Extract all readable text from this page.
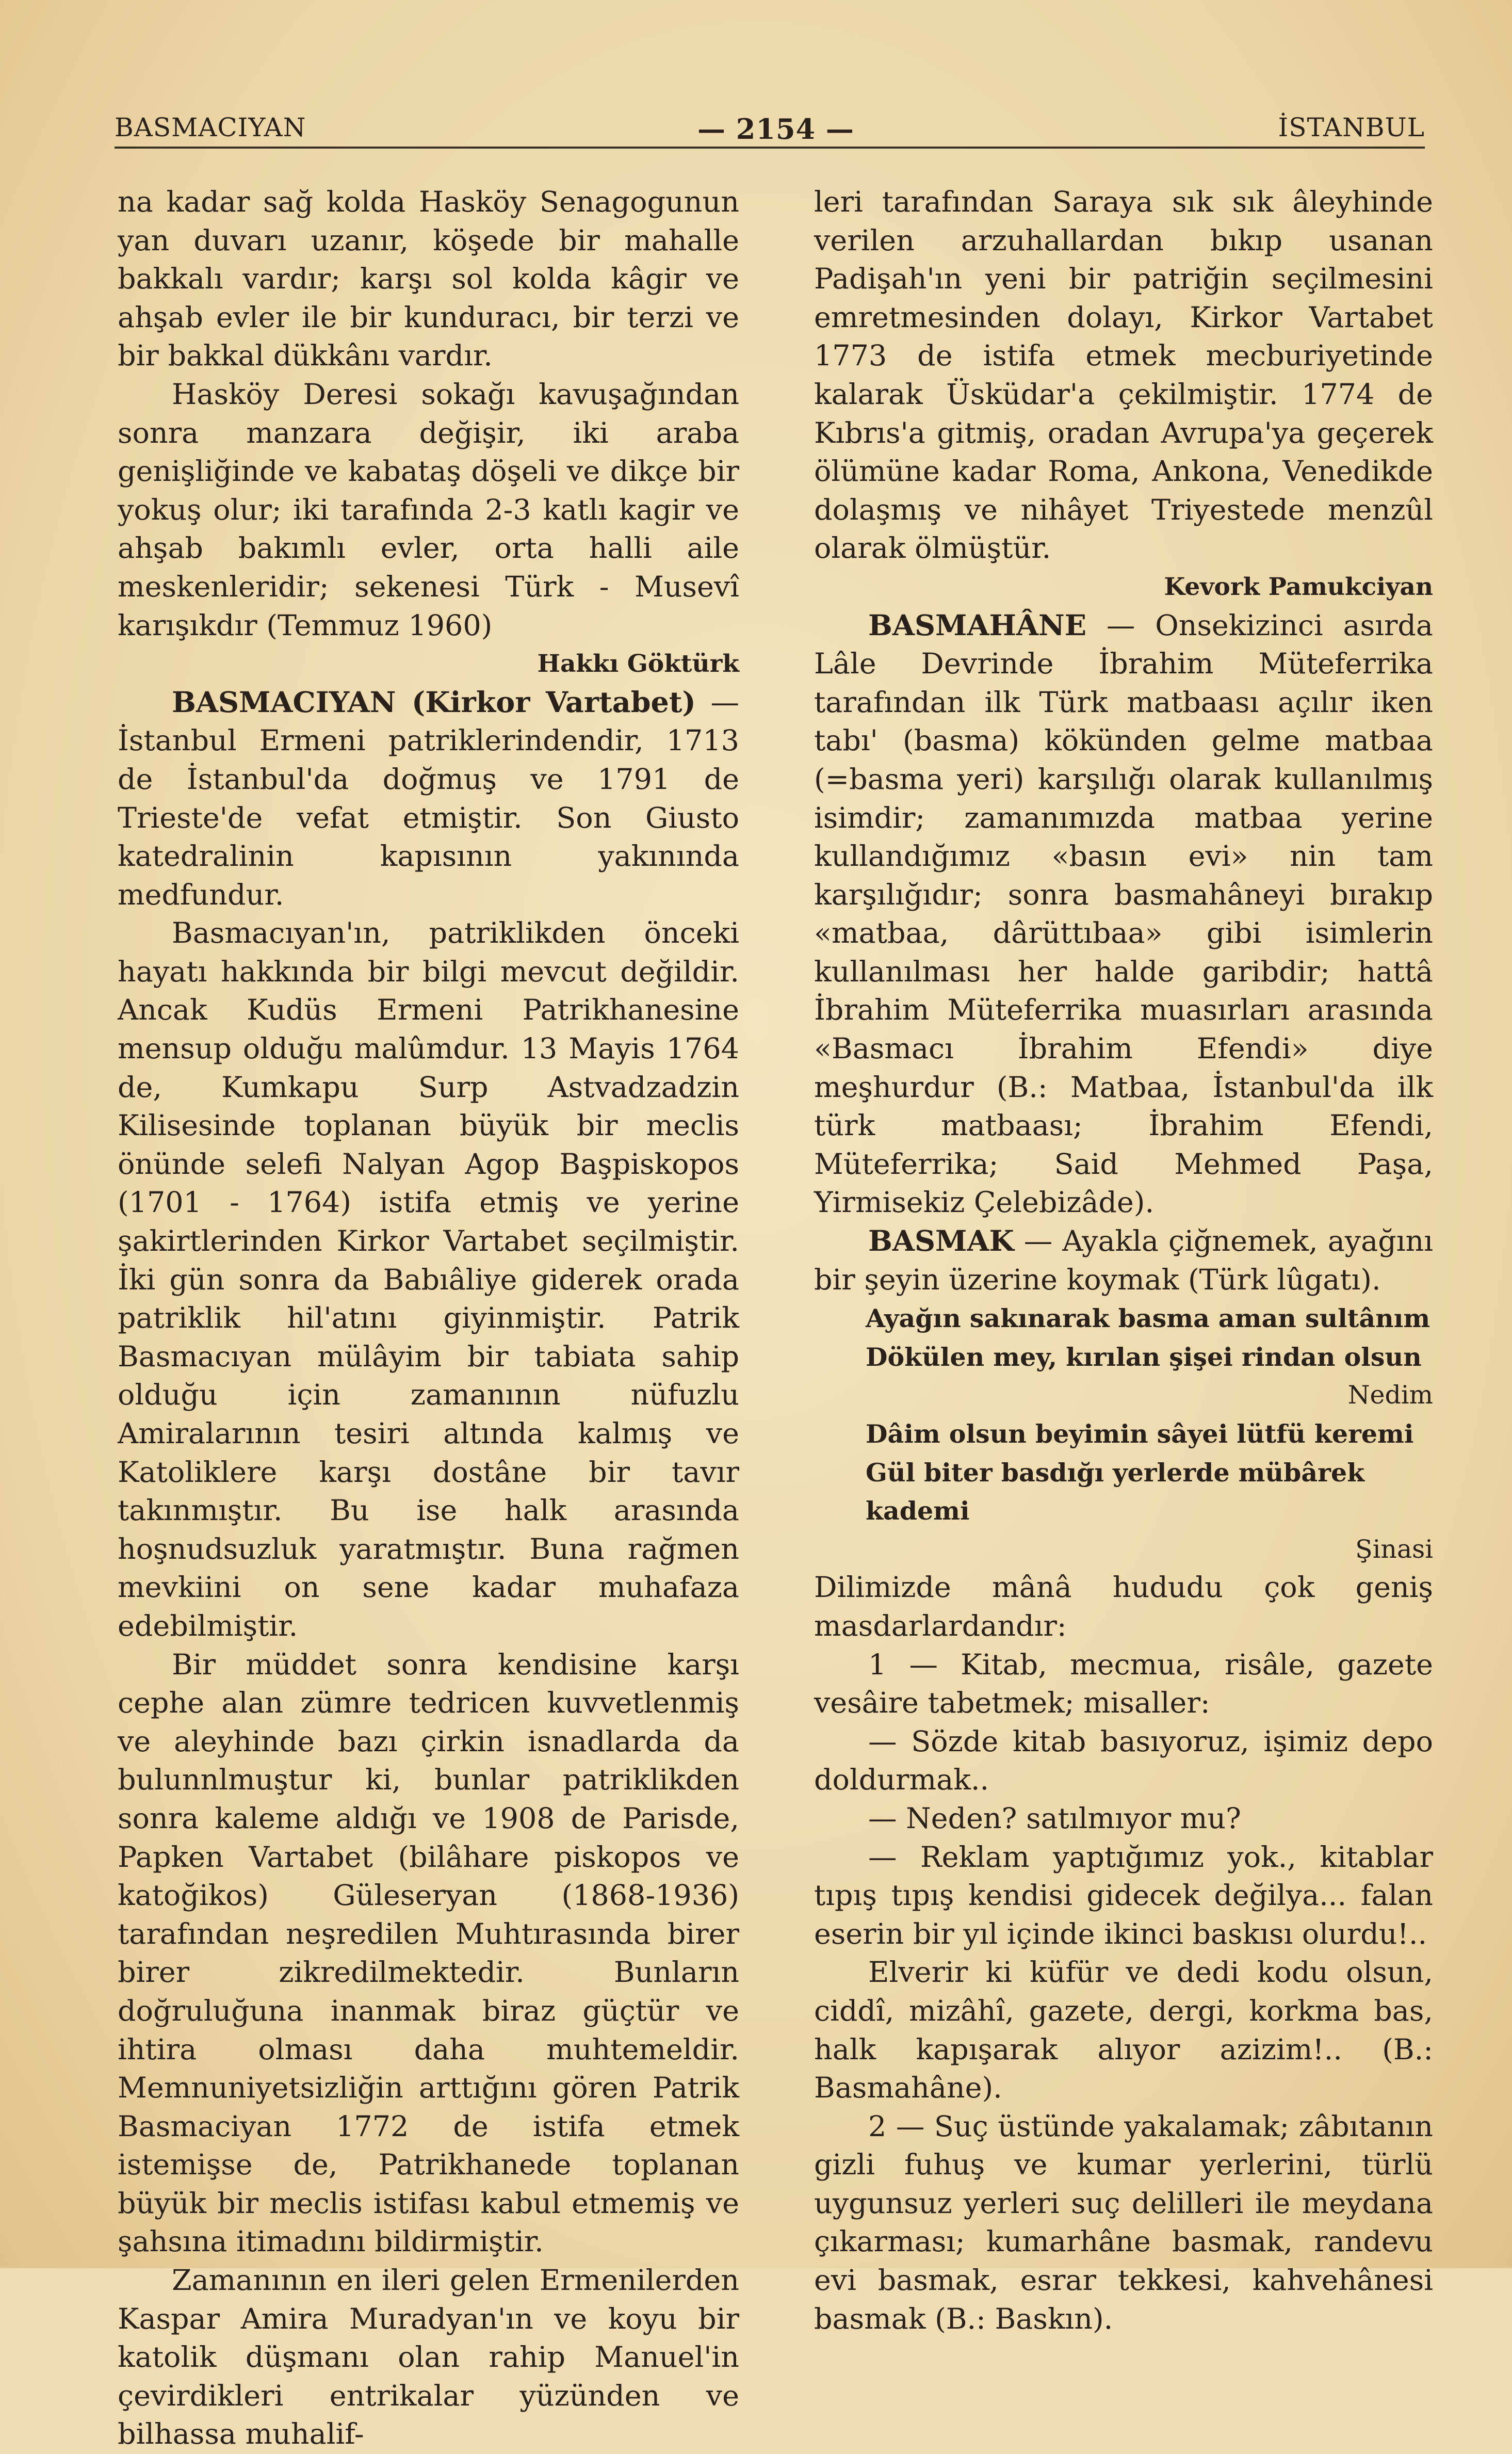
BASMACIYAN	— 2154 —	İSTANBUL

na kadar sağ kolda Hasköy Senagogunun yan duvarı uzanır, köşede bir mahalle bakkalı vardır; karşı sol kolda kâgir ve ahşab evler ile bir kunduracı, bir terzi ve bir bakkal dükkânı vardır.

Hasköy Deresi sokağı kavuşağından sonra manzara değişir, iki araba genişliğinde ve kabataş döşeli ve dikçe bir yokuş olur; iki tarafında 2-3 katlı kagir ve ahşab bakımlı evler, orta halli aile meskenleridir; sekenesi Türk - Musevî karışıkdır (Temmuz 1960)

Hakkı Göktürk

BASMACIYAN (Kirkor Vartabet) — İstanbul Ermeni patriklerindendir, 1713 de İstanbul'da doğmuş ve 1791 de Trieste'de vefat etmiştir. Son Giusto katedralinin kapısının yakınında medfundur.

Basmacıyan'ın, patriklikden önceki hayatı hakkında bir bilgi mevcut değildir. Ancak Kudüs Ermeni Patrikhanesine mensup olduğu malûmdur. 13 Mayis 1764 de, Kumkapu Surp Astvadzadzin Kilisesinde toplanan büyük bir meclis önünde selefi Nalyan Agop Başpiskopos (1701 - 1764) istifa etmiş ve yerine şakirtlerinden Kirkor Vartabet seçilmiştir. İki gün sonra da Babıâliye giderek orada patriklik hil'atını giyinmiştir. Patrik Basmacıyan mülâyim bir tabiata sahip olduğu için zamanının nüfuzlu Amiralarının tesiri altında kalmış ve Katoliklere karşı dostâne bir tavır takınmıştır. Bu ise halk arasında hoşnudsuzluk yaratmıştır. Buna rağmen mevkiini on sene kadar muhafaza edebilmiştir.

Bir müddet sonra kendisine karşı cephe alan zümre tedricen kuvvetlenmiş ve aleyhinde bazı çirkin isnadlarda da bulunnlmuştur ki, bunlar patriklikden sonra kaleme aldığı ve 1908 de Parisde, Papken Vartabet (bilâhare piskopos ve katoğikos) Güleseryan (1868-1936) tarafından neşredilen Muhtırasında birer birer zikredilmektedir. Bunların doğruluğuna inanmak biraz güçtür ve ihtira olması daha muhtemeldir. Memnuniyetsizliğin arttığını gören Patrik Basmaciyan 1772 de istifa etmek istemişse de, Patrikhanede toplanan büyük bir meclis istifası kabul etmemiş ve şahsına itimadını bildirmiştir.

Zamanının en ileri gelen Ermenilerden Kaspar Amira Muradyan'ın ve koyu bir katolik düşmanı olan rahip Manuel'in çevirdikleri entrikalar yüzünden ve bilhassa muhalif-

leri tarafından Saraya sık sık âleyhinde verilen arzuhallardan bıkıp usanan Padişah'ın yeni bir patriğin seçilmesini emretmesinden dolayı, Kirkor Vartabet 1773 de istifa etmek mecburiyetinde kalarak Üsküdar'a çekilmiştir. 1774 de Kıbrıs'a gitmiş, oradan Avrupa'ya geçerek ölümüne kadar Roma, Ankona, Venedikde dolaşmış ve nihâyet Triyestede menzûl olarak ölmüştür.

Kevork Pamukciyan

BASMAHÂNE — Onsekizinci asırda Lâle Devrinde İbrahim Müteferrika tarafından ilk Türk matbaası açılır iken tabı' (basma) kökünden gelme matbaa (=basma yeri) karşılığı olarak kullanılmış isimdir; zamanımızda matbaa yerine kullandığımız «basın evi» nin tam karşılığıdır; sonra basmahâneyi bırakıp «matbaa, dârüttıbaa» gibi isimlerin kullanılması her halde garibdir; hattâ İbrahim Müteferrika muasırları arasında «Basmacı İbrahim Efendi» diye meşhurdur (B.: Matbaa, İstanbul'da ilk türk matbaası; İbrahim Efendi, Müteferrika; Said Mehmed Paşa, Yirmisekiz Çelebizâde).

BASMAK — Ayakla çiğnemek, ayağını bir şeyin üzerine koymak (Türk lûgatı).

Ayağın sakınarak basma aman sultânım

Dökülen mey, kırılan şişei rindan olsun

Nedim

Dâim olsun beyimin sâyei lütfü keremi

Gül biter basdığı yerlerde mübârek kademi

Şinasi

Dilimizde mânâ hududu çok geniş masdarlardandır:

1 — Kitab, mecmua, risâle, gazete vesâire tabetmek; misaller:

— Sözde kitab basıyoruz, işimiz depo doldurmak..

— Neden? satılmıyor mu?

— Reklam yaptığımız yok., kitablar tıpış tıpış kendisi gidecek değilya... falan eserin bir yıl içinde ikinci baskısı olurdu!..

Elverir ki küfür ve dedi kodu olsun, ciddî, mizâhî, gazete, dergi, korkma bas, halk kapışarak alıyor azizim!.. (B.: Basmahâne).

2 — Suç üstünde yakalamak; zâbıtanın gizli fuhuş ve kumar yerlerini, türlü uygunsuz yerleri suç delilleri ile meydana çıkarması; kumarhâne basmak, randevu evi basmak, esrar tekkesi, kahvehânesi basmak (B.: Baskın).
